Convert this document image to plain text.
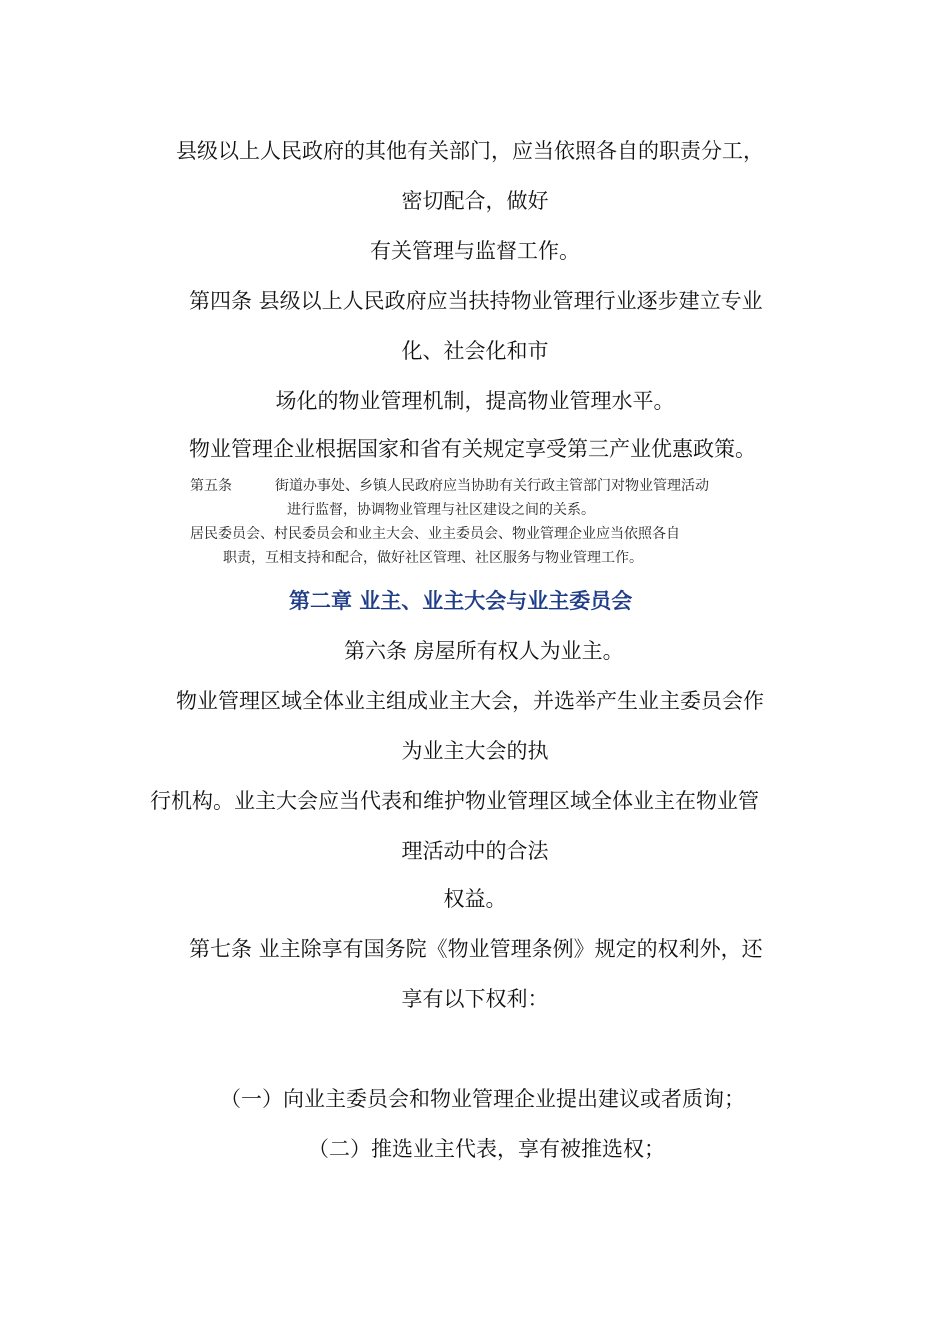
县级以上人民政府的其他有关部门，应当依照各自的职责分工，
密切配合，做好
有关管理与监督工作。
第四条 县级以上人民政府应当扶持物业管理行业逐步建立专业
化、社会化和市
场化的物业管理机制，提高物业管理水平。
物业管理企业根据国家和省有关规定享受第三产业优惠政策。
第五条	街道办事处、乡镇人民政府应当协助有关行政主管部门对物业管理活动
进行监督，协调物业管理与社区建设之间的关系。
居民委员会、村民委员会和业主大会、业主委员会、物业管理企业应当依照各自
职责，互相支持和配合，做好社区管理、社区服务与物业管理工作。
第二章 业主、业主大会与业主委员会
第六条 房屋所有权人为业主。
物业管理区域全体业主组成业主大会，并选举产生业主委员会作
为业主大会的执
行机构。业主大会应当代表和维护物业管理区域全体业主在物业管
理活动中的合法
权益。
第七条 业主除享有国务院《物业管理条例》规定的权利外，还
享有以下权利：
（一）向业主委员会和物业管理企业提出建议或者质询；
（二）推选业主代表，享有被推选权；
